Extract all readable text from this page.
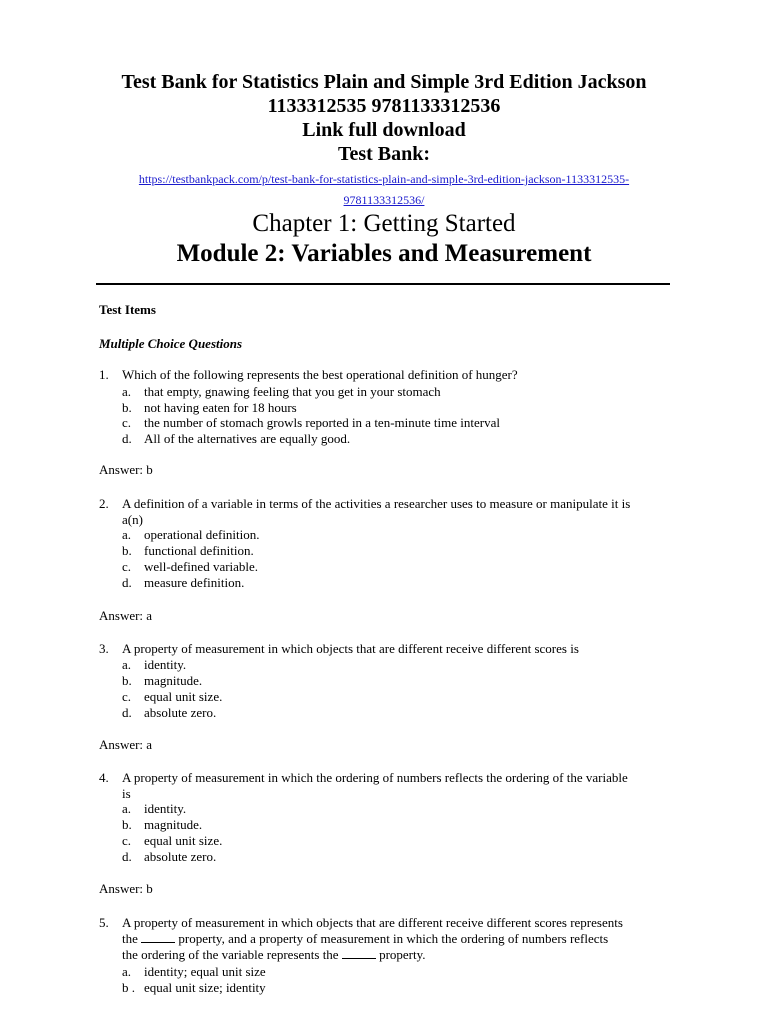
Test Bank for Statistics Plain and Simple 3rd Edition Jackson
1133312535 9781133312536
Link full download
Test Bank:
https://testbankpack.com/p/test-bank-for-statistics-plain-and-simple-3rd-edition-jackson-1133312535-
9781133312536/
Chapter 1: Getting Started
Module 2: Variables and Measurement
Test Items
Multiple Choice Questions
1. Which of the following represents the best operational definition of hunger?
a. that empty, gnawing feeling that you get in your stomach
b. not having eaten for 18 hours
c. the number of stomach growls reported in a ten-minute time interval
d. All of the alternatives are equally good.
Answer: b
2. A definition of a variable in terms of the activities a researcher uses to measure or manipulate it is
a(n)
a. operational definition.
b. functional definition.
c. well-defined variable.
d. measure definition.
Answer: a
3. A property of measurement in which objects that are different receive different scores is
a. identity.
b. magnitude.
c. equal unit size.
d. absolute zero.
Answer: a
4. A property of measurement in which the ordering of numbers reflects the ordering of the variable
is
a. identity.
b. magnitude.
c. equal unit size.
d. absolute zero.
Answer: b
5. A property of measurement in which objects that are different receive different scores represents
the	property, and a property of measurement in which the ordering of numbers reflects
the ordering of the variable represents the	property.
a. identity; equal unit size
b . equal unit size; identity
